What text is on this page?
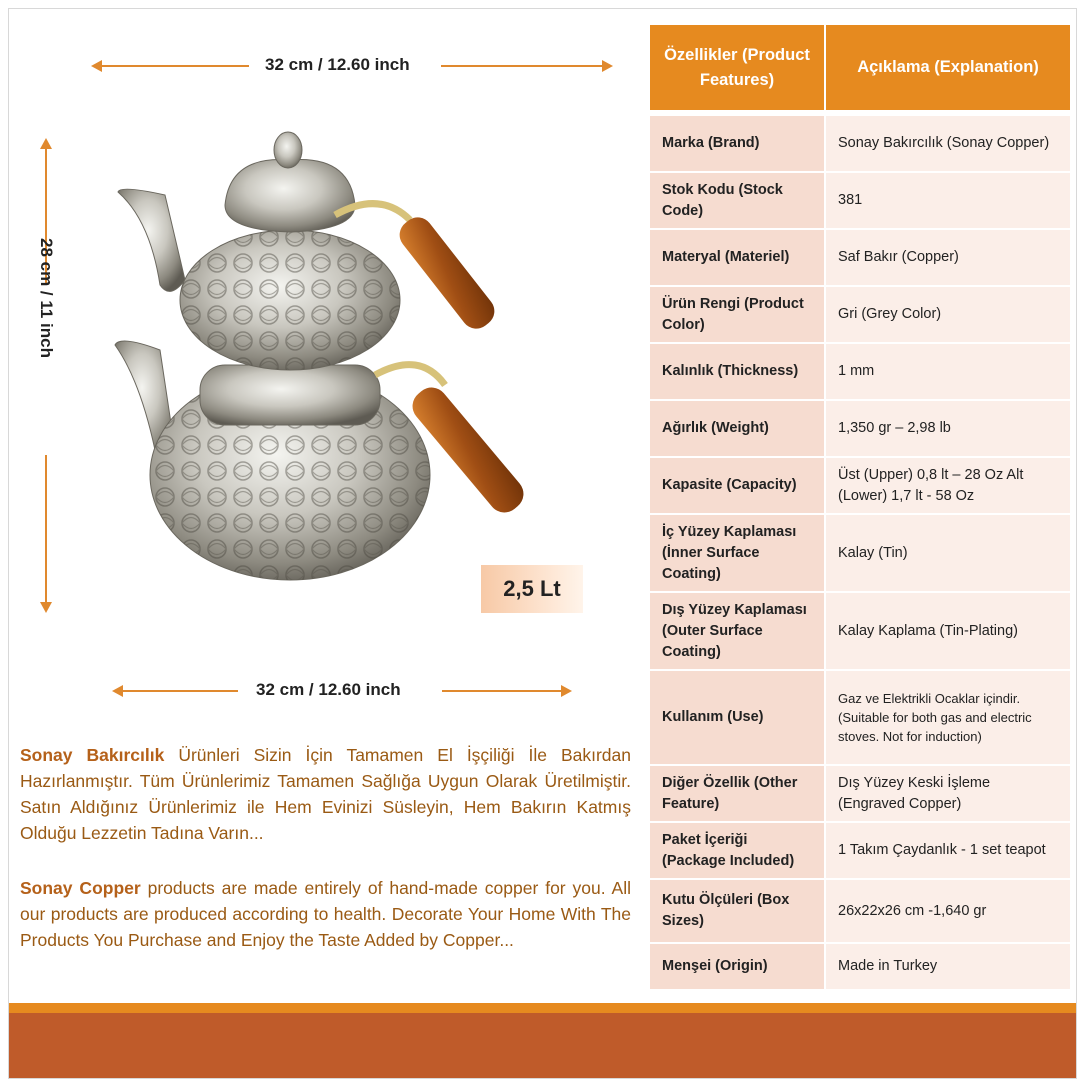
32 cm / 12.60 inch
28 cm / 11 inch
2,5 Lt
32 cm / 12.60 inch

Sonay Bakırcılık Ürünleri Sizin İçin Tamamen El İşçiliği İle Bakırdan Hazırlanmıştır. Tüm Ürünlerimiz Tamamen Sağlığa Uygun Olarak Üretilmiştir. Satın Aldığınız Ürünlerimiz ile Hem Evinizi Süsleyin, Hem Bakırın Katmış Olduğu Lezzetin Tadına Varın...

Sonay Copper products are made entirely of hand-made copper for you. All our products are produced according to health. Decorate Your Home With The Products You Purchase and Enjoy the Taste Added by Copper...

Özellikler (Product Features)	Açıklama (Explanation)

Marka (Brand)	Sonay Bakırcılık (Sonay Copper)
Stok Kodu (Stock Code)	381
Materyal (Materiel)	Saf Bakır (Copper)
Ürün Rengi (Product Color)	Gri (Grey Color)
Kalınlık (Thickness)	1 mm
Ağırlık (Weight)	1,350 gr – 2,98 lb
Kapasite (Capacity)	Üst (Upper) 0,8 lt – 28 Oz Alt (Lower) 1,7 lt - 58 Oz
İç Yüzey Kaplaması (İnner Surface Coating)	Kalay (Tin)
Dış Yüzey Kaplaması (Outer Surface Coating)	Kalay Kaplama (Tin-Plating)
Kullanım (Use)	Gaz ve Elektrikli Ocaklar içindir. (Suitable for both gas and electric stoves. Not for induction)
Diğer Özellik (Other Feature)	Dış Yüzey Keski İşleme (Engraved Copper)
Paket İçeriği (Package Included)	1 Takım Çaydanlık - 1 set teapot
Kutu Ölçüleri (Box Sizes)	26x22x26 cm -1,640 gr
Menşei (Origin)	Made in Turkey
